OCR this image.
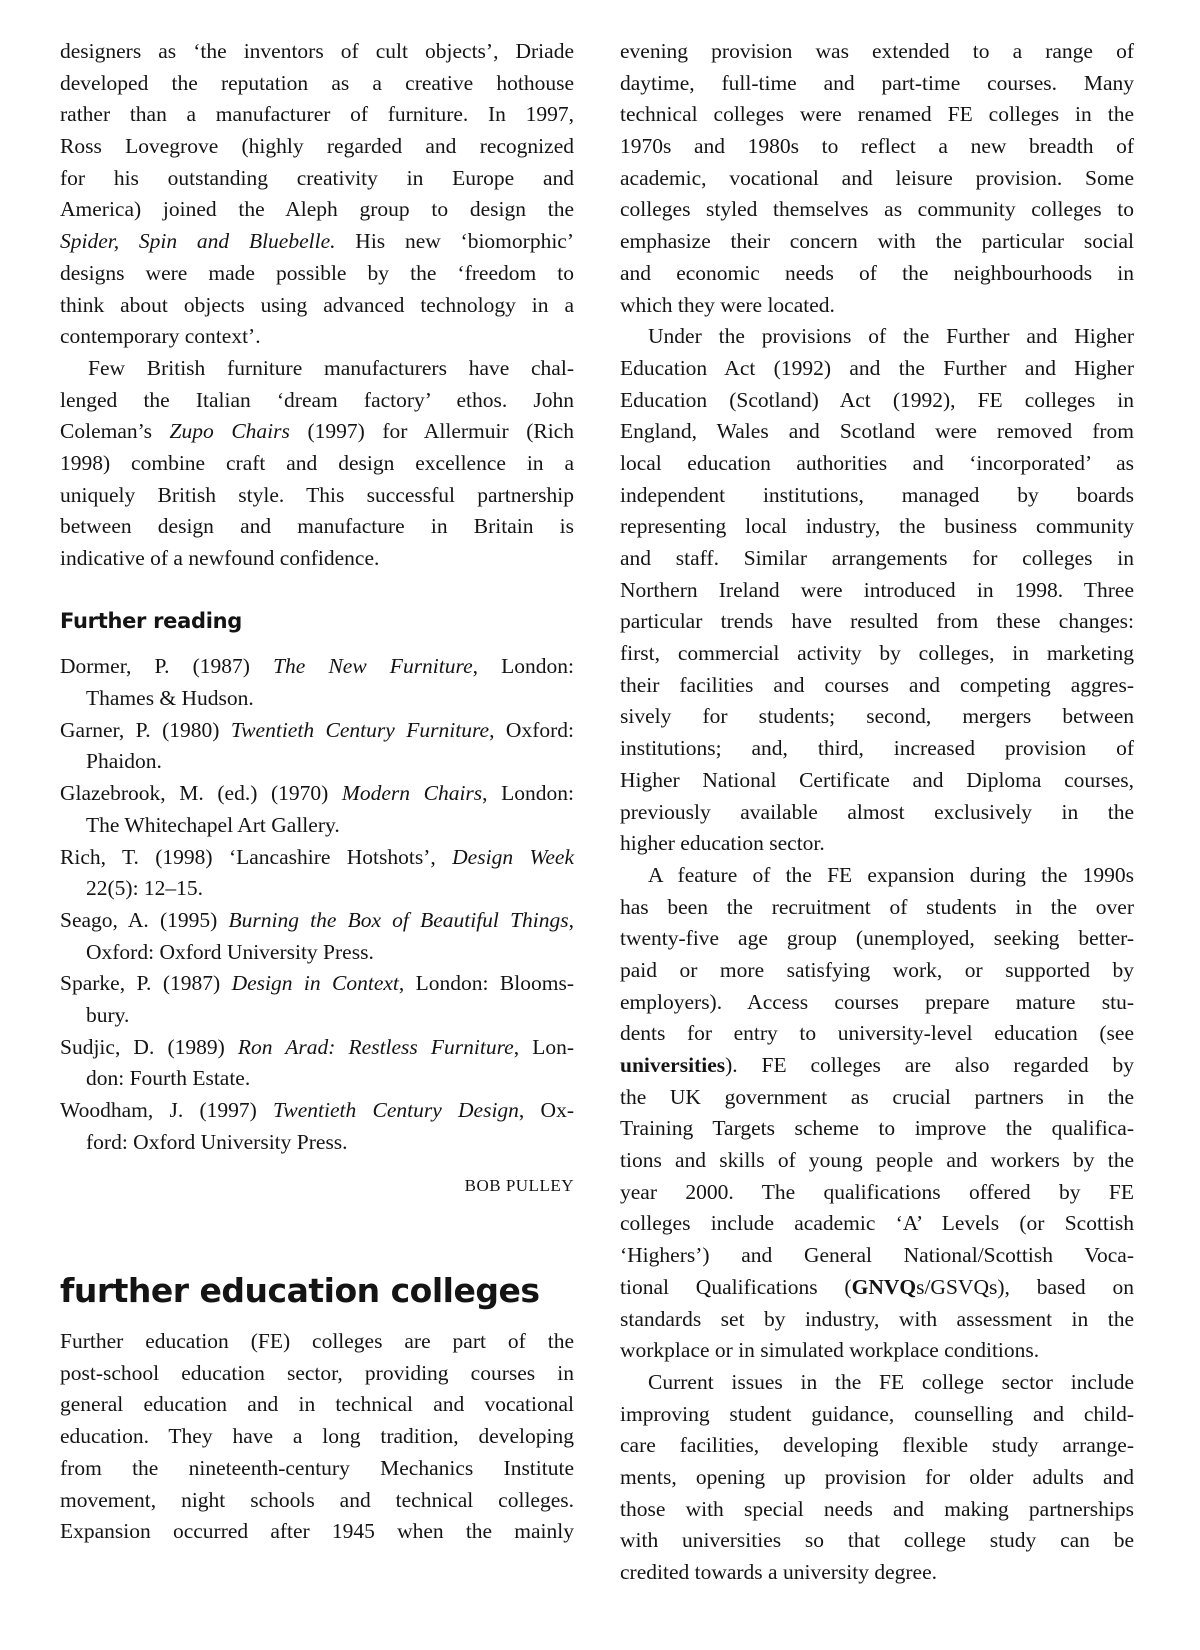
designers as ‘the inventors of cult objects’, Driade
developed the reputation as a creative hothouse
rather than a manufacturer of furniture. In 1997,
Ross Lovegrove (highly regarded and recognized
for his outstanding creativity in Europe and
America) joined the Aleph group to design the
Spider, Spin and Bluebelle. His new ‘biomorphic’
designs were made possible by the ‘freedom to
think about objects using advanced technology in a
contemporary context’.
Few British furniture manufacturers have chal-
lenged the Italian ‘dream factory’ ethos. John
Coleman’s Zupo Chairs (1997) for Allermuir (Rich
1998) combine craft and design excellence in a
uniquely British style. This successful partnership
between design and manufacture in Britain is
indicative of a newfound confidence.
Further reading
Dormer, P. (1987) The New Furniture, London:
Thames & Hudson.
Garner, P. (1980) Twentieth Century Furniture, Oxford:
Phaidon.
Glazebrook, M. (ed.) (1970) Modern Chairs, London:
The Whitechapel Art Gallery.
Rich, T. (1998) ‘Lancashire Hotshots’, Design Week
22(5): 12–15.
Seago, A. (1995) Burning the Box of Beautiful Things,
Oxford: Oxford University Press.
Sparke, P. (1987) Design in Context, London: Blooms-
bury.
Sudjic, D. (1989) Ron Arad: Restless Furniture, Lon-
don: Fourth Estate.
Woodham, J. (1997) Twentieth Century Design, Ox-
ford: Oxford University Press.
BOB PULLEY
further education colleges
Further education (FE) colleges are part of the
post-school education sector, providing courses in
general education and in technical and vocational
education. They have a long tradition, developing
from the nineteenth-century Mechanics Institute
movement, night schools and technical colleges.
Expansion occurred after 1945 when the mainly
evening provision was extended to a range of
daytime, full-time and part-time courses. Many
technical colleges were renamed FE colleges in the
1970s and 1980s to reflect a new breadth of
academic, vocational and leisure provision. Some
colleges styled themselves as community colleges to
emphasize their concern with the particular social
and economic needs of the neighbourhoods in
which they were located.
Under the provisions of the Further and Higher
Education Act (1992) and the Further and Higher
Education (Scotland) Act (1992), FE colleges in
England, Wales and Scotland were removed from
local education authorities and ‘incorporated’ as
independent institutions, managed by boards
representing local industry, the business community
and staff. Similar arrangements for colleges in
Northern Ireland were introduced in 1998. Three
particular trends have resulted from these changes:
first, commercial activity by colleges, in marketing
their facilities and courses and competing aggres-
sively for students; second, mergers between
institutions; and, third, increased provision of
Higher National Certificate and Diploma courses,
previously available almost exclusively in the
higher education sector.
A feature of the FE expansion during the 1990s
has been the recruitment of students in the over
twenty-five age group (unemployed, seeking better-
paid or more satisfying work, or supported by
employers). Access courses prepare mature stu-
dents for entry to university-level education (see
universities). FE colleges are also regarded by
the UK government as crucial partners in the
Training Targets scheme to improve the qualifica-
tions and skills of young people and workers by the
year 2000. The qualifications offered by FE
colleges include academic ‘A’ Levels (or Scottish
‘Highers’) and General National/Scottish Voca-
tional Qualifications (GNVQs/GSVQs), based on
standards set by industry, with assessment in the
workplace or in simulated workplace conditions.
Current issues in the FE college sector include
improving student guidance, counselling and child-
care facilities, developing flexible study arrange-
ments, opening up provision for older adults and
those with special needs and making partnerships
with universities so that college study can be
credited towards a university degree.
